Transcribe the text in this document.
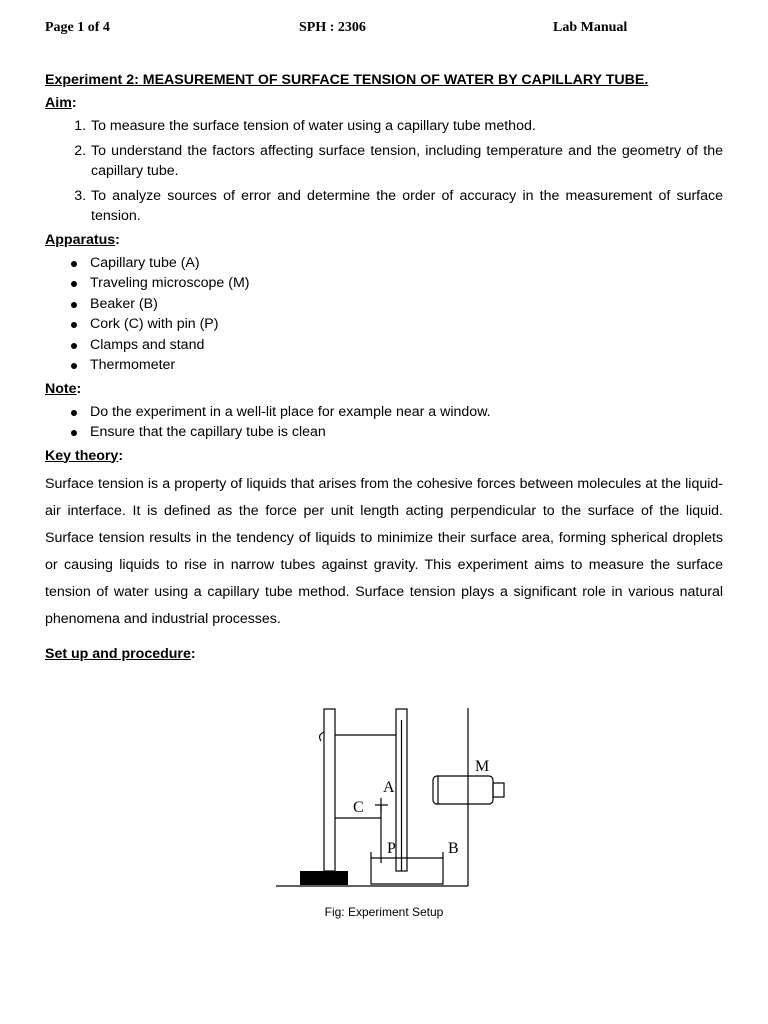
Page 1 of 4	SPH : 2306	Lab Manual

Experiment 2: MEASUREMENT OF SURFACE TENSION OF WATER BY CAPILLARY TUBE.

Aim:

1. To measure the surface tension of water using a capillary tube method.
2. To understand the factors affecting surface tension, including temperature and the geometry of the capillary tube.
3. To analyze sources of error and determine the order of accuracy in the measurement of surface tension.

Apparatus:

Capillary tube (A)
Traveling microscope (M)
Beaker (B)
Cork (C) with pin (P)
Clamps and stand
Thermometer

Note:

Do the experiment in a well-lit place for example near a window.
Ensure that the capillary tube is clean

Key theory:

Surface tension is a property of liquids that arises from the cohesive forces between molecules at the liquid-air interface. It is defined as the force per unit length acting perpendicular to the surface of the liquid. Surface tension results in the tendency of liquids to minimize their surface area, forming spherical droplets or causing liquids to rise in narrow tubes against gravity. This experiment aims to measure the surface tension of water using a capillary tube method. Surface tension plays a significant role in various natural phenomena and industrial processes.

Set up and procedure:

M
A
C
P	B
Fig: Experiment Setup
